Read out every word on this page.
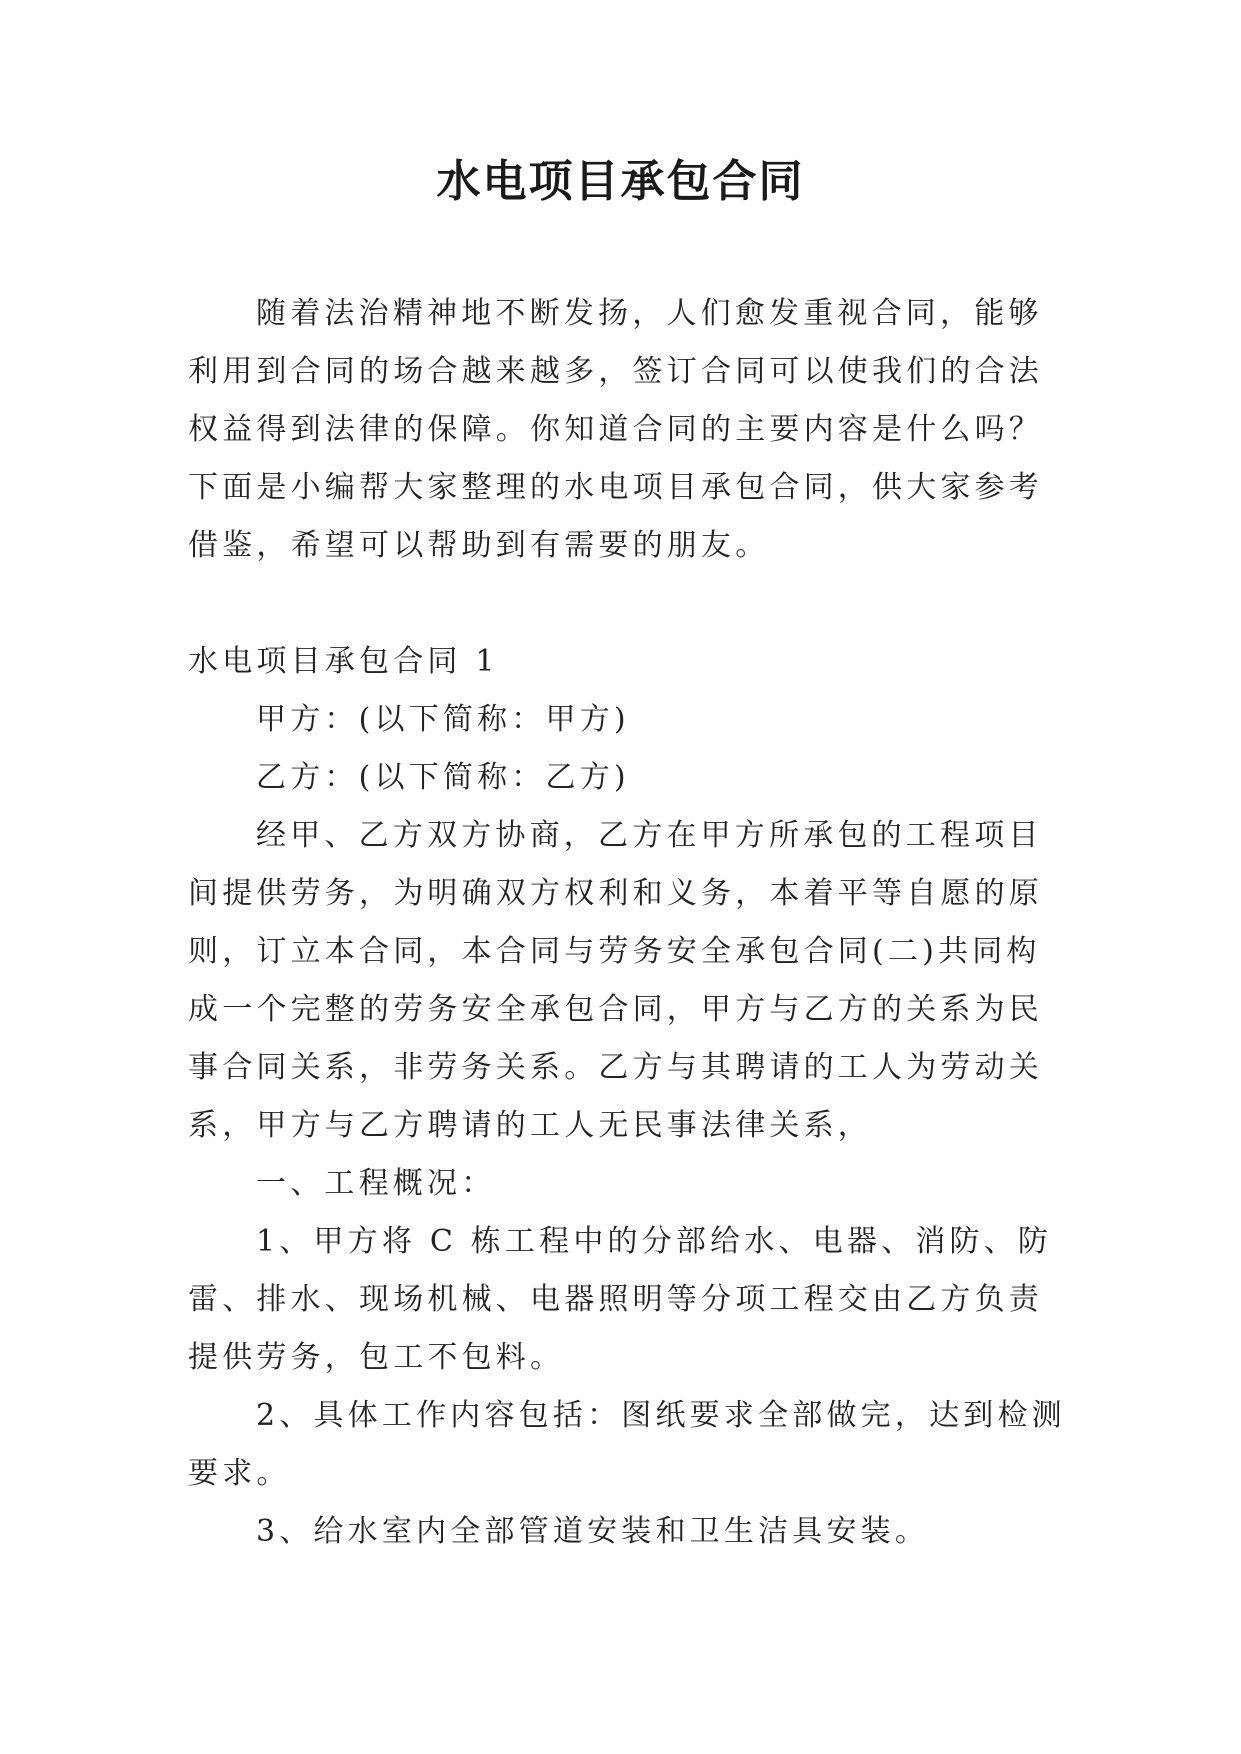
水电项目承包合同

随着法治精神地不断发扬，人们愈发重视合同，能够利用到合同的场合越来越多，签订合同可以使我们的合法权益得到法律的保障。你知道合同的主要内容是什么吗？下面是小编帮大家整理的水电项目承包合同，供大家参考借鉴，希望可以帮助到有需要的朋友。

水电项目承包合同 1

甲方：(以下简称：甲方)

乙方：(以下简称：乙方)

经甲、乙方双方协商，乙方在甲方所承包的工程项目间提供劳务，为明确双方权利和义务，本着平等自愿的原则，订立本合同，本合同与劳务安全承包合同(二)共同构成一个完整的劳务安全承包合同，甲方与乙方的关系为民事合同关系，非劳务关系。乙方与其聘请的工人为劳动关系，甲方与乙方聘请的工人无民事法律关系，

一、工程概况：

1、甲方将 C 栋工程中的分部给水、电器、消防、防雷、排水、现场机械、电器照明等分项工程交由乙方负责提供劳务，包工不包料。

2、具体工作内容包括：图纸要求全部做完，达到检测要求。

3、给水室内全部管道安装和卫生洁具安装。
